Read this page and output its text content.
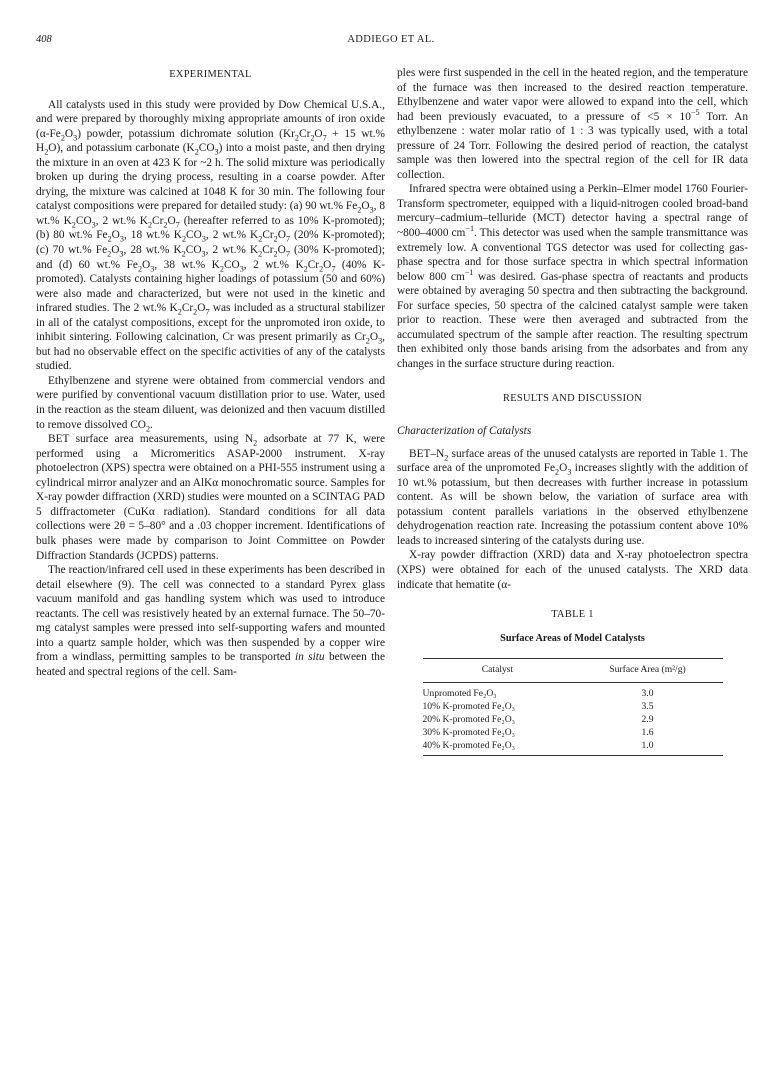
408	ADDIEGO ET AL.
EXPERIMENTAL

All catalysts used in this study were provided by Dow Chemical U.S.A., and were prepared by thoroughly mixing appropriate amounts of iron oxide $(\alpha-Fe_2O_3)$ powder, potassium dichromate solution ($Kr_2Cr_2O_7 + 15$ wt.% $H_2O$), and potassium carbonate $(K_2CO_3)$ into a moist paste, and then drying the mixture in an oven at 423 K for ~2 h. The solid mixture was periodically broken up during the drying process, resulting in a coarse powder. After drying, the mixture was calcined at 1048 K for 30 min. The following four catalyst compositions were prepared for detailed study: (a) 90 wt.% $Fe_2O_3$, 8 wt.% $K_2CO_3$, 2 wt.% $K_2Cr_2O_7$ (hereafter referred to as 10% K-promoted); (b) 80 wt.% $Fe_2O_3$, 18 wt.% $K_2CO_3$, 2 wt.% $K_2Cr_2O_7$ (20% K-promoted); (c) 70 wt.% $Fe_2O_3$, 28 wt.% $K_2CO_3$, 2 wt.% $K_2Cr_2O_7$ (30% K-promoted); and (d) 60 wt.% $Fe_2O_3$, 38 wt.% $K_2CO_3$, 2 wt.% $K_2Cr_2O_7$ (40% K-promoted). Catalysts containing higher loadings of potassium (50 and 60%) were also made and characterized, but were not used in the kinetic and infrared studies. The 2 wt.% $K_2Cr_2O_7$ was included as a structural stabilizer in all of the catalyst compositions, except for the unpromoted iron oxide, to inhibit sintering. Following calcination, Cr was present primarily as $Cr_2O_3$, but had no observable effect on the specific activities of any of the catalysts studied.

Ethylbenzene and styrene were obtained from commercial vendors and were purified by conventional vacuum distillation prior to use. Water, used in the reaction as the steam diluent, was deionized and then vacuum distilled to remove dissolved $CO_2$.

BET surface area measurements, using $N_2$ adsorbate at 77 K, were performed using a Micromeritics ASAP-2000 instrument. X-ray photoelectron (XPS) spectra were obtained on a PHI-555 instrument using a cylindrical mirror analyzer and an AlKα monochromatic source. Samples for X-ray powder diffraction (XRD) studies were mounted on a SCINTAG PAD 5 diffractometer (CuKα radiation). Standard conditions for all data collections were 2θ = 5–80° and a .03 chopper increment. Identifications of bulk phases were made by comparison to Joint Committee on Powder Diffraction Standards (JCPDS) patterns.

The reaction/infrared cell used in these experiments has been described in detail elsewhere (9). The cell was connected to a standard Pyrex glass vacuum manifold and gas handling system which was used to introduce reactants. The cell was resistively heated by an external furnace. The 50–70-mg catalyst samples were pressed into self-supporting wafers and mounted into a quartz sample holder, which was then suspended by a copper wire from a windlass, permitting samples to be transported in situ between the heated and spectral regions of the cell. Sam-

ples were first suspended in the cell in the heated region, and the temperature of the furnace was then increased to the desired reaction temperature. Ethylbenzene and water vapor were allowed to expand into the cell, which had been previously evacuated, to a pressure of $<5 \times 10^{-5}$ Torr. An ethylbenzene : water molar ratio of 1 : 3 was typically used, with a total pressure of 24 Torr. Following the desired period of reaction, the catalyst sample was then lowered into the spectral region of the cell for IR data collection.

Infrared spectra were obtained using a Perkin–Elmer model 1760 Fourier-Transform spectrometer, equipped with a liquid-nitrogen cooled broad-band mercury–cadmium–telluride (MCT) detector having a spectral range of ~800–4000 $cm^{-1}$. This detector was used when the sample transmittance was extremely low. A conventional TGS detector was used for collecting gas-phase spectra and for those surface spectra in which spectral information below 800 $cm^{-1}$ was desired. Gas-phase spectra of reactants and products were obtained by averaging 50 spectra and then subtracting the background. For surface species, 50 spectra of the calcined catalyst sample were taken prior to reaction. These were then averaged and subtracted from the accumulated spectrum of the sample after reaction. The resulting spectrum then exhibited only those bands arising from the adsorbates and from any changes in the surface structure during reaction.

RESULTS AND DISCUSSION
Characterization of Catalysts

BET–$N_2$ surface areas of the unused catalysts are reported in Table 1. The surface area of the unpromoted $Fe_2O_3$ increases slightly with the addition of 10 wt.% potassium, but then decreases with further increase in potassium content. As will be shown below, the variation of surface area with potassium content parallels variations in the observed ethylbenzene dehydrogenation reaction rate. Increasing the potassium content above 10% leads to increased sintering of the catalysts during use.

X-ray powder diffraction (XRD) data and X-ray photoelectron spectra (XPS) were obtained for each of the unused catalysts. The XRD data indicate that hematite (α-

TABLE 1
Surface Areas of Model Catalysts
Catalyst	Surface Area (m²/g)
Unpromoted Fe₂O₃	3.0
10% K-promoted Fe₂O₃	3.5
20% K-promoted Fe₂O₃	2.9
30% K-promoted Fe₂O₃	1.6
40% K-promoted Fe₂O₃	1.0
